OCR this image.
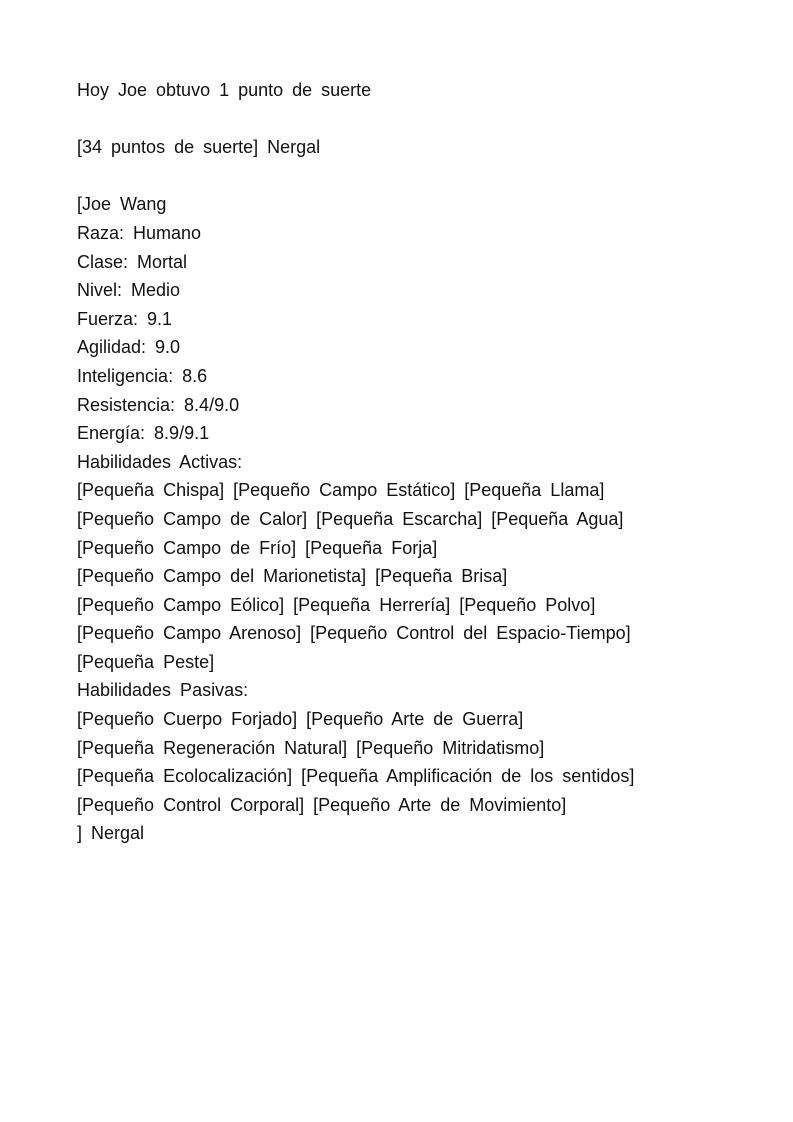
Hoy Joe obtuvo 1 punto de suerte

[34 puntos de suerte] Nergal

[Joe Wang

Raza: Humano

Clase: Mortal

Nivel: Medio

Fuerza: 9.1

Agilidad: 9.0

Inteligencia: 8.6

Resistencia: 8.4/9.0

Energía: 8.9/9.1

Habilidades Activas:

[Pequeña Chispa] [Pequeño Campo Estático] [Pequeña Llama]

[Pequeño Campo de Calor] [Pequeña Escarcha] [Pequeña Agua]

[Pequeño Campo de Frío] [Pequeña Forja]

[Pequeño Campo del Marionetista] [Pequeña Brisa]

[Pequeño Campo Eólico] [Pequeña Herrería] [Pequeño Polvo]

[Pequeño Campo Arenoso] [Pequeño Control del Espacio-Tiempo]

[Pequeña Peste]

Habilidades Pasivas:

[Pequeño Cuerpo Forjado] [Pequeño Arte de Guerra]

[Pequeña Regeneración Natural] [Pequeño Mitridatismo]

[Pequeña Ecolocalización] [Pequeña Amplificación de los sentidos]

[Pequeño Control Corporal] [Pequeño Arte de Movimiento]

] Nergal
